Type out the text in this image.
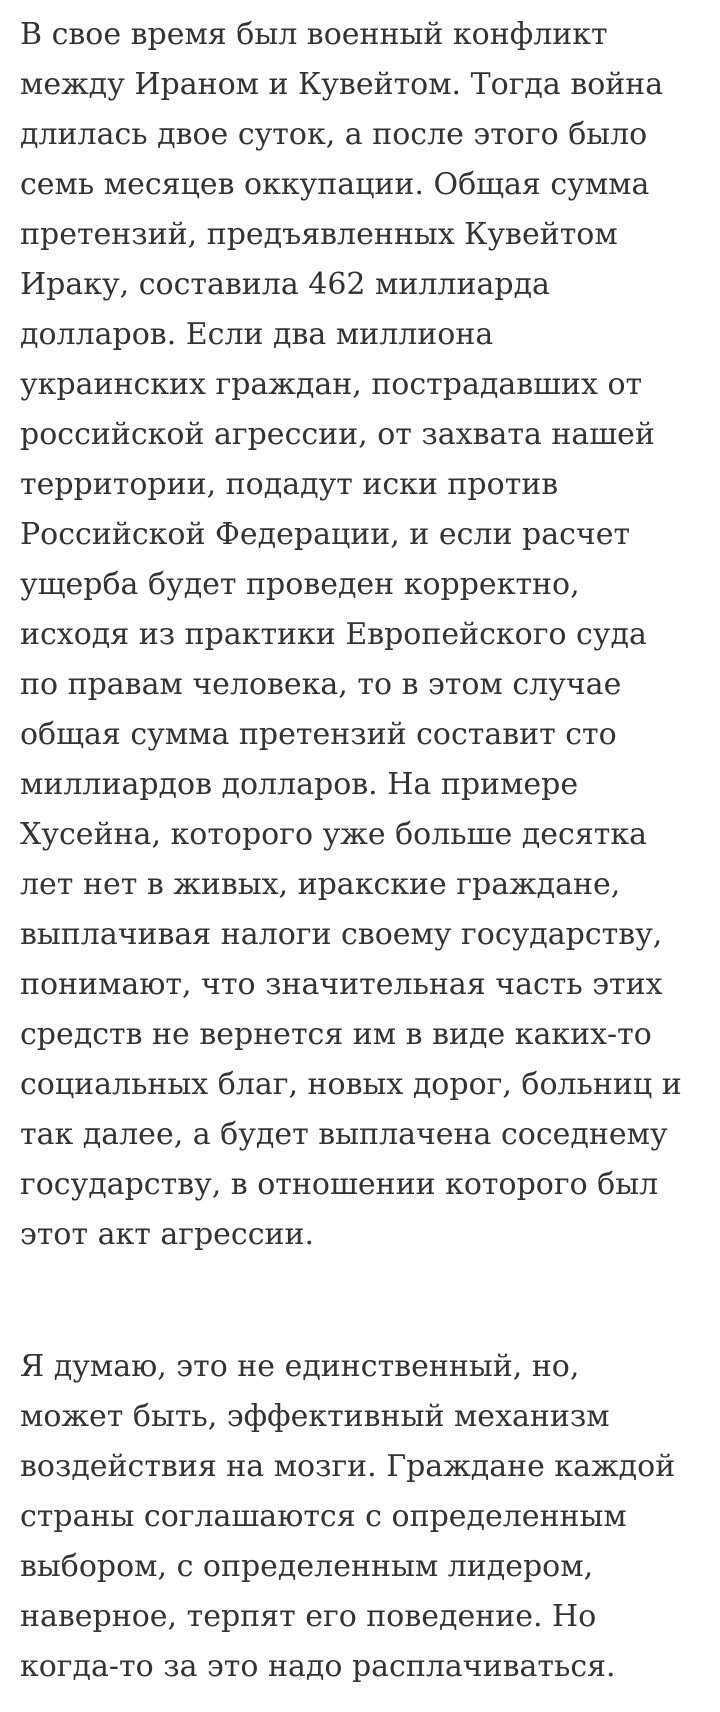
В свое время был военный конфликт
между Ираном и Кувейтом. Тогда война
длилась двое суток, а после этого было
семь месяцев оккупации. Общая сумма
претензий, предъявленных Кувейтом
Ираку, составила 462 миллиарда
долларов. Если два миллиона
украинских граждан, пострадавших от
российской агрессии, от захвата нашей
территории, подадут иски против
Российской Федерации, и если расчет
ущерба будет проведен корректно,
исходя из практики Европейского суда
по правам человека, то в этом случае
общая сумма претензий составит сто
миллиардов долларов. На примере
Хусейна, которого уже больше десятка
лет нет в живых, иракские граждане,
выплачивая налоги своему государству,
понимают, что значительная часть этих
средств не вернется им в виде каких-то
социальных благ, новых дорог, больниц и
так далее, а будет выплачена соседнему
государству, в отношении которого был
этот акт агрессии.

Я думаю, это не единственный, но,
может быть, эффективный механизм
воздействия на мозги. Граждане каждой
страны соглашаются с определенным
выбором, с определенным лидером,
наверное, терпят его поведение. Но
когда-то за это надо расплачиваться.
